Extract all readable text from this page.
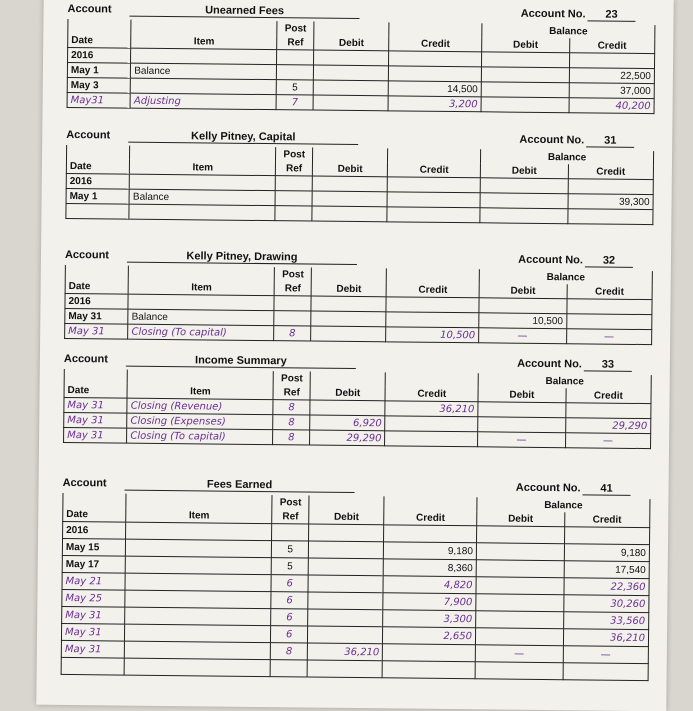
Account	Unearned Fees	Account No.	23
		Post			Balance	
Date	Item	Ref	Debit	Credit	Debit	Credit
2016						
May 1	Balance					22,500
May 3		5		14,500		37,000
May31	Adjusting	7		3,200		40,200
Account	Kelly Pitney, Capital	Account No.	31
		Post			Balance	
Date	Item	Ref	Debit	Credit	Debit	Credit
2016						
May 1	Balance					39,300

Account	Kelly Pitney, Drawing	Account No.	32
		Post			Balance	
Date	Item	Ref	Debit	Credit	Debit	Credit
2016						
May 31	Balance				10,500	
May 31	Closing (To capital)	8		10,500	—	—
Account	Income Summary	Account No.	33
		Post			Balance	
Date	Item	Ref	Debit	Credit	Debit	Credit
May 31	Closing (Revenue)	8		36,210		
May 31	Closing (Expenses)	8	6,920			29,290
May 31	Closing (To capital)	8	29,290		—	—
Account	Fees Earned	Account No.	41
		Post			Balance	
Date	Item	Ref	Debit	Credit	Debit	Credit
2016						
May 15		5		9,180		9,180
May 17		5		8,360		17,540
May 21		6		4,820		22,360
May 25		6		7,900		30,260
May 31		6		3,300		33,560
May 31		6		2,650		36,210
May 31		8	36,210		—	—
